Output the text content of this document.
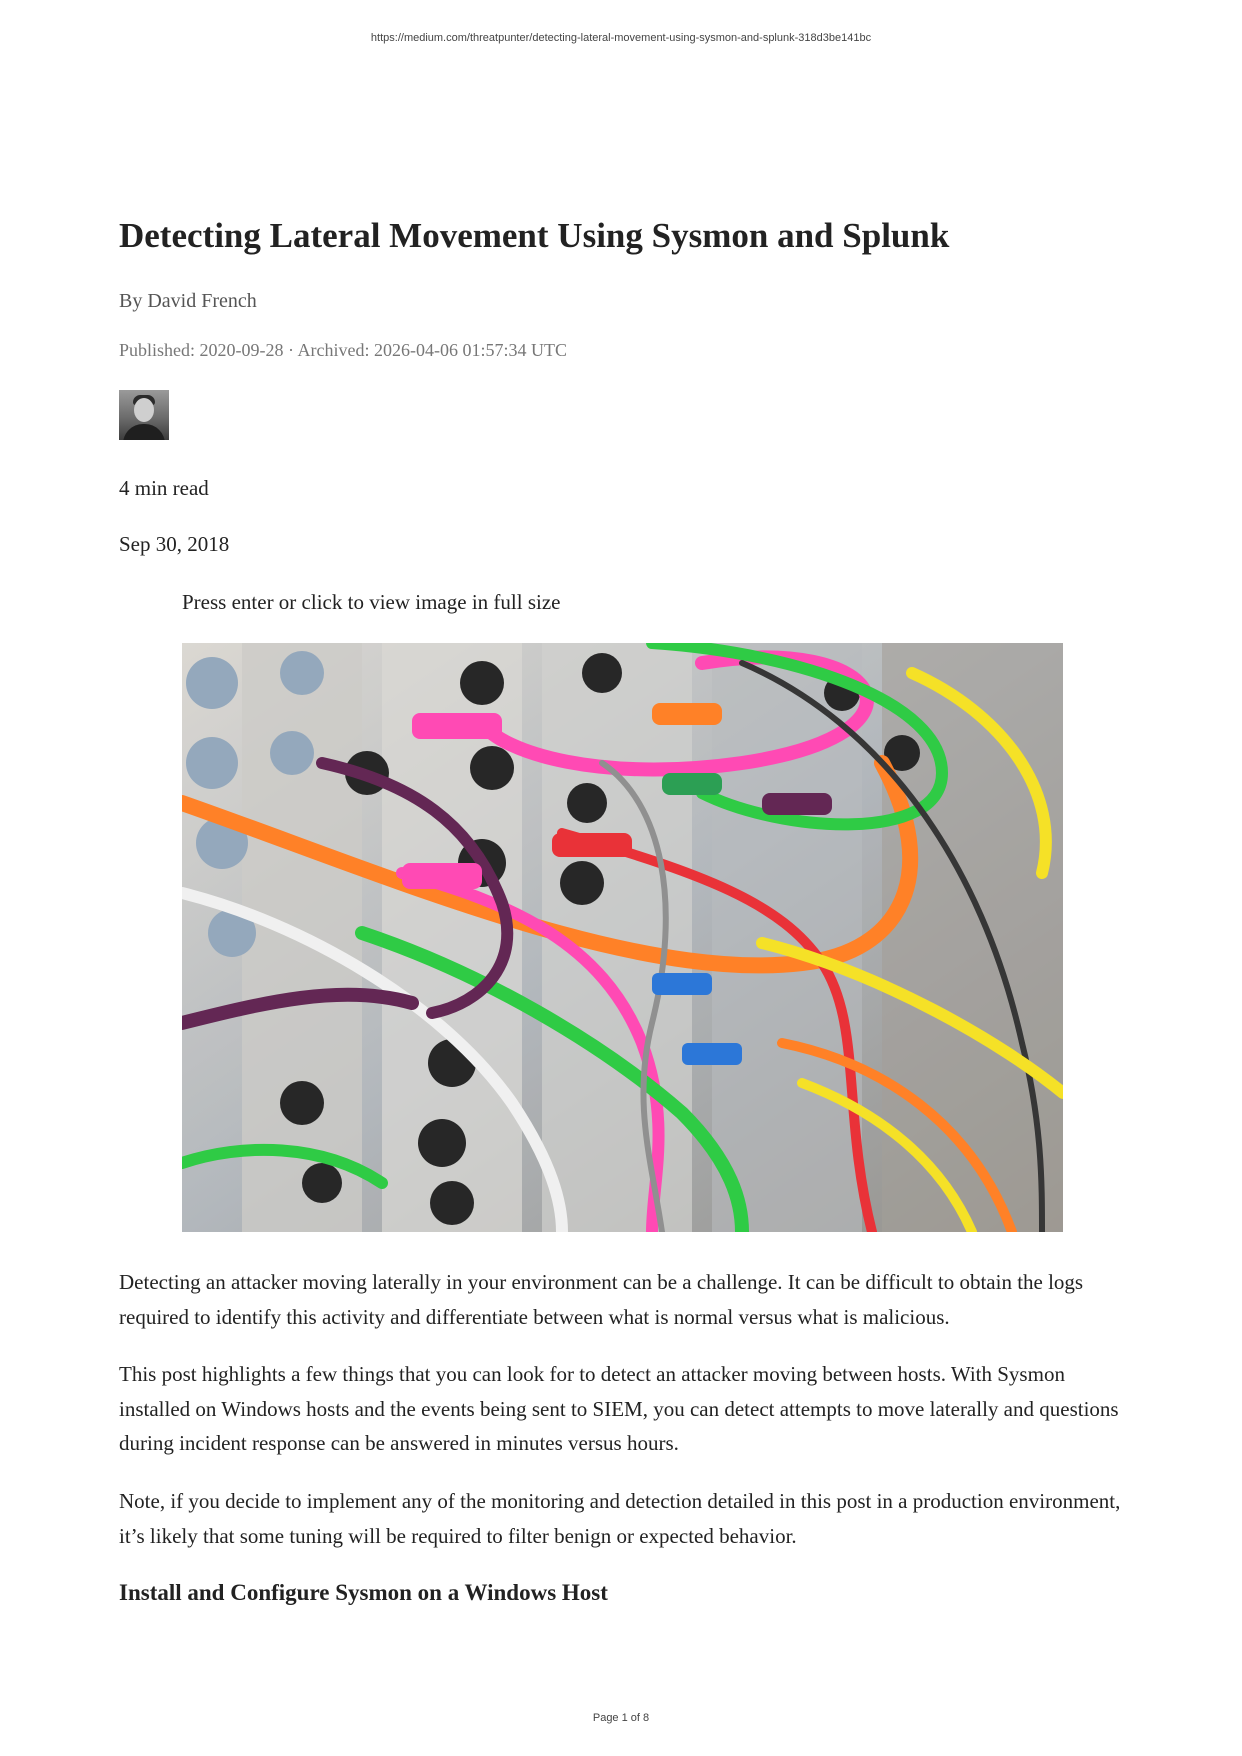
https://medium.com/threatpunter/detecting-lateral-movement-using-sysmon-and-splunk-318d3be141bc
Detecting Lateral Movement Using Sysmon and Splunk
By David French
Published: 2020-09-28 · Archived: 2026-04-06 01:57:34 UTC
4 min read
Sep 30, 2018
Press enter or click to view image in full size

Detecting an attacker moving laterally in your environment can be a challenge. It can be difficult to obtain the logs required to identify this activity and differentiate between what is normal versus what is malicious.

This post highlights a few things that you can look for to detect an attacker moving between hosts. With Sysmon installed on Windows hosts and the events being sent to SIEM, you can detect attempts to move laterally and questions during incident response can be answered in minutes versus hours.

Note, if you decide to implement any of the monitoring and detection detailed in this post in a production environment, it’s likely that some tuning will be required to filter benign or expected behavior.

Install and Configure Sysmon on a Windows Host
Page 1 of 8
